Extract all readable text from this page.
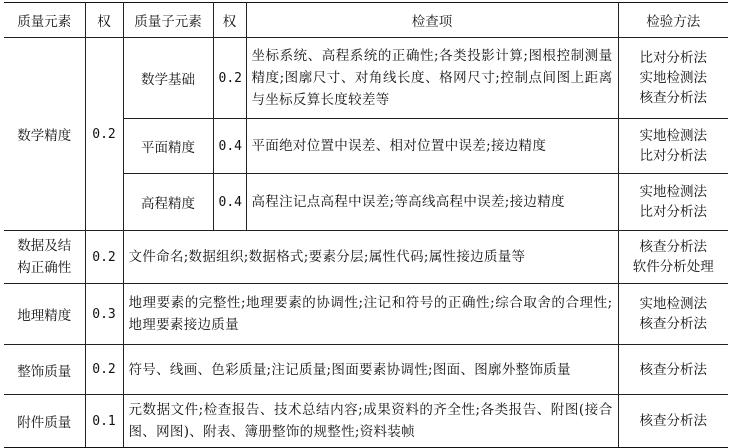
质量元素	权	质量子元素	权	检查项	检验方法
数学精度	0.2	数学基础	0.2	坐标系统、高程系统的正确性;各类投影计算;图根控制测量精度;图廓尺寸、对角线长度、格网尺寸;控制点间图上距离与坐标反算长度较差等	比对分析法
实地检测法
核查分析法

		平面精度	0.4	平面绝对位置中误差、相对位置中误差;接边精度	实地检测法
比对分析法

		高程精度	0.4	高程注记点高程中误差;等高线高程中误差;接边精度	实地检测法
比对分析法

数据及结构正确性	0.2	文件命名;数据组织;数据格式;要素分层;属性代码;属性接边质量等			核查分析法
软件分析处理

地理精度	0.3	地理要素的完整性;地理要素的协调性;注记和符号的正确性;综合取舍的合理性;地理要素接边质量			实地检测法
核查分析法

整饰质量	0.2	符号、线画、色彩质量;注记质量;图面要素协调性;图面、图廓外整饰质量			核查分析法

附件质量	0.1	元数据文件;检查报告、技术总结内容;成果资料的齐全性;各类报告、附图(接合图、网图)、附表、簿册整饰的规整性;资料装帧			核查分析法
